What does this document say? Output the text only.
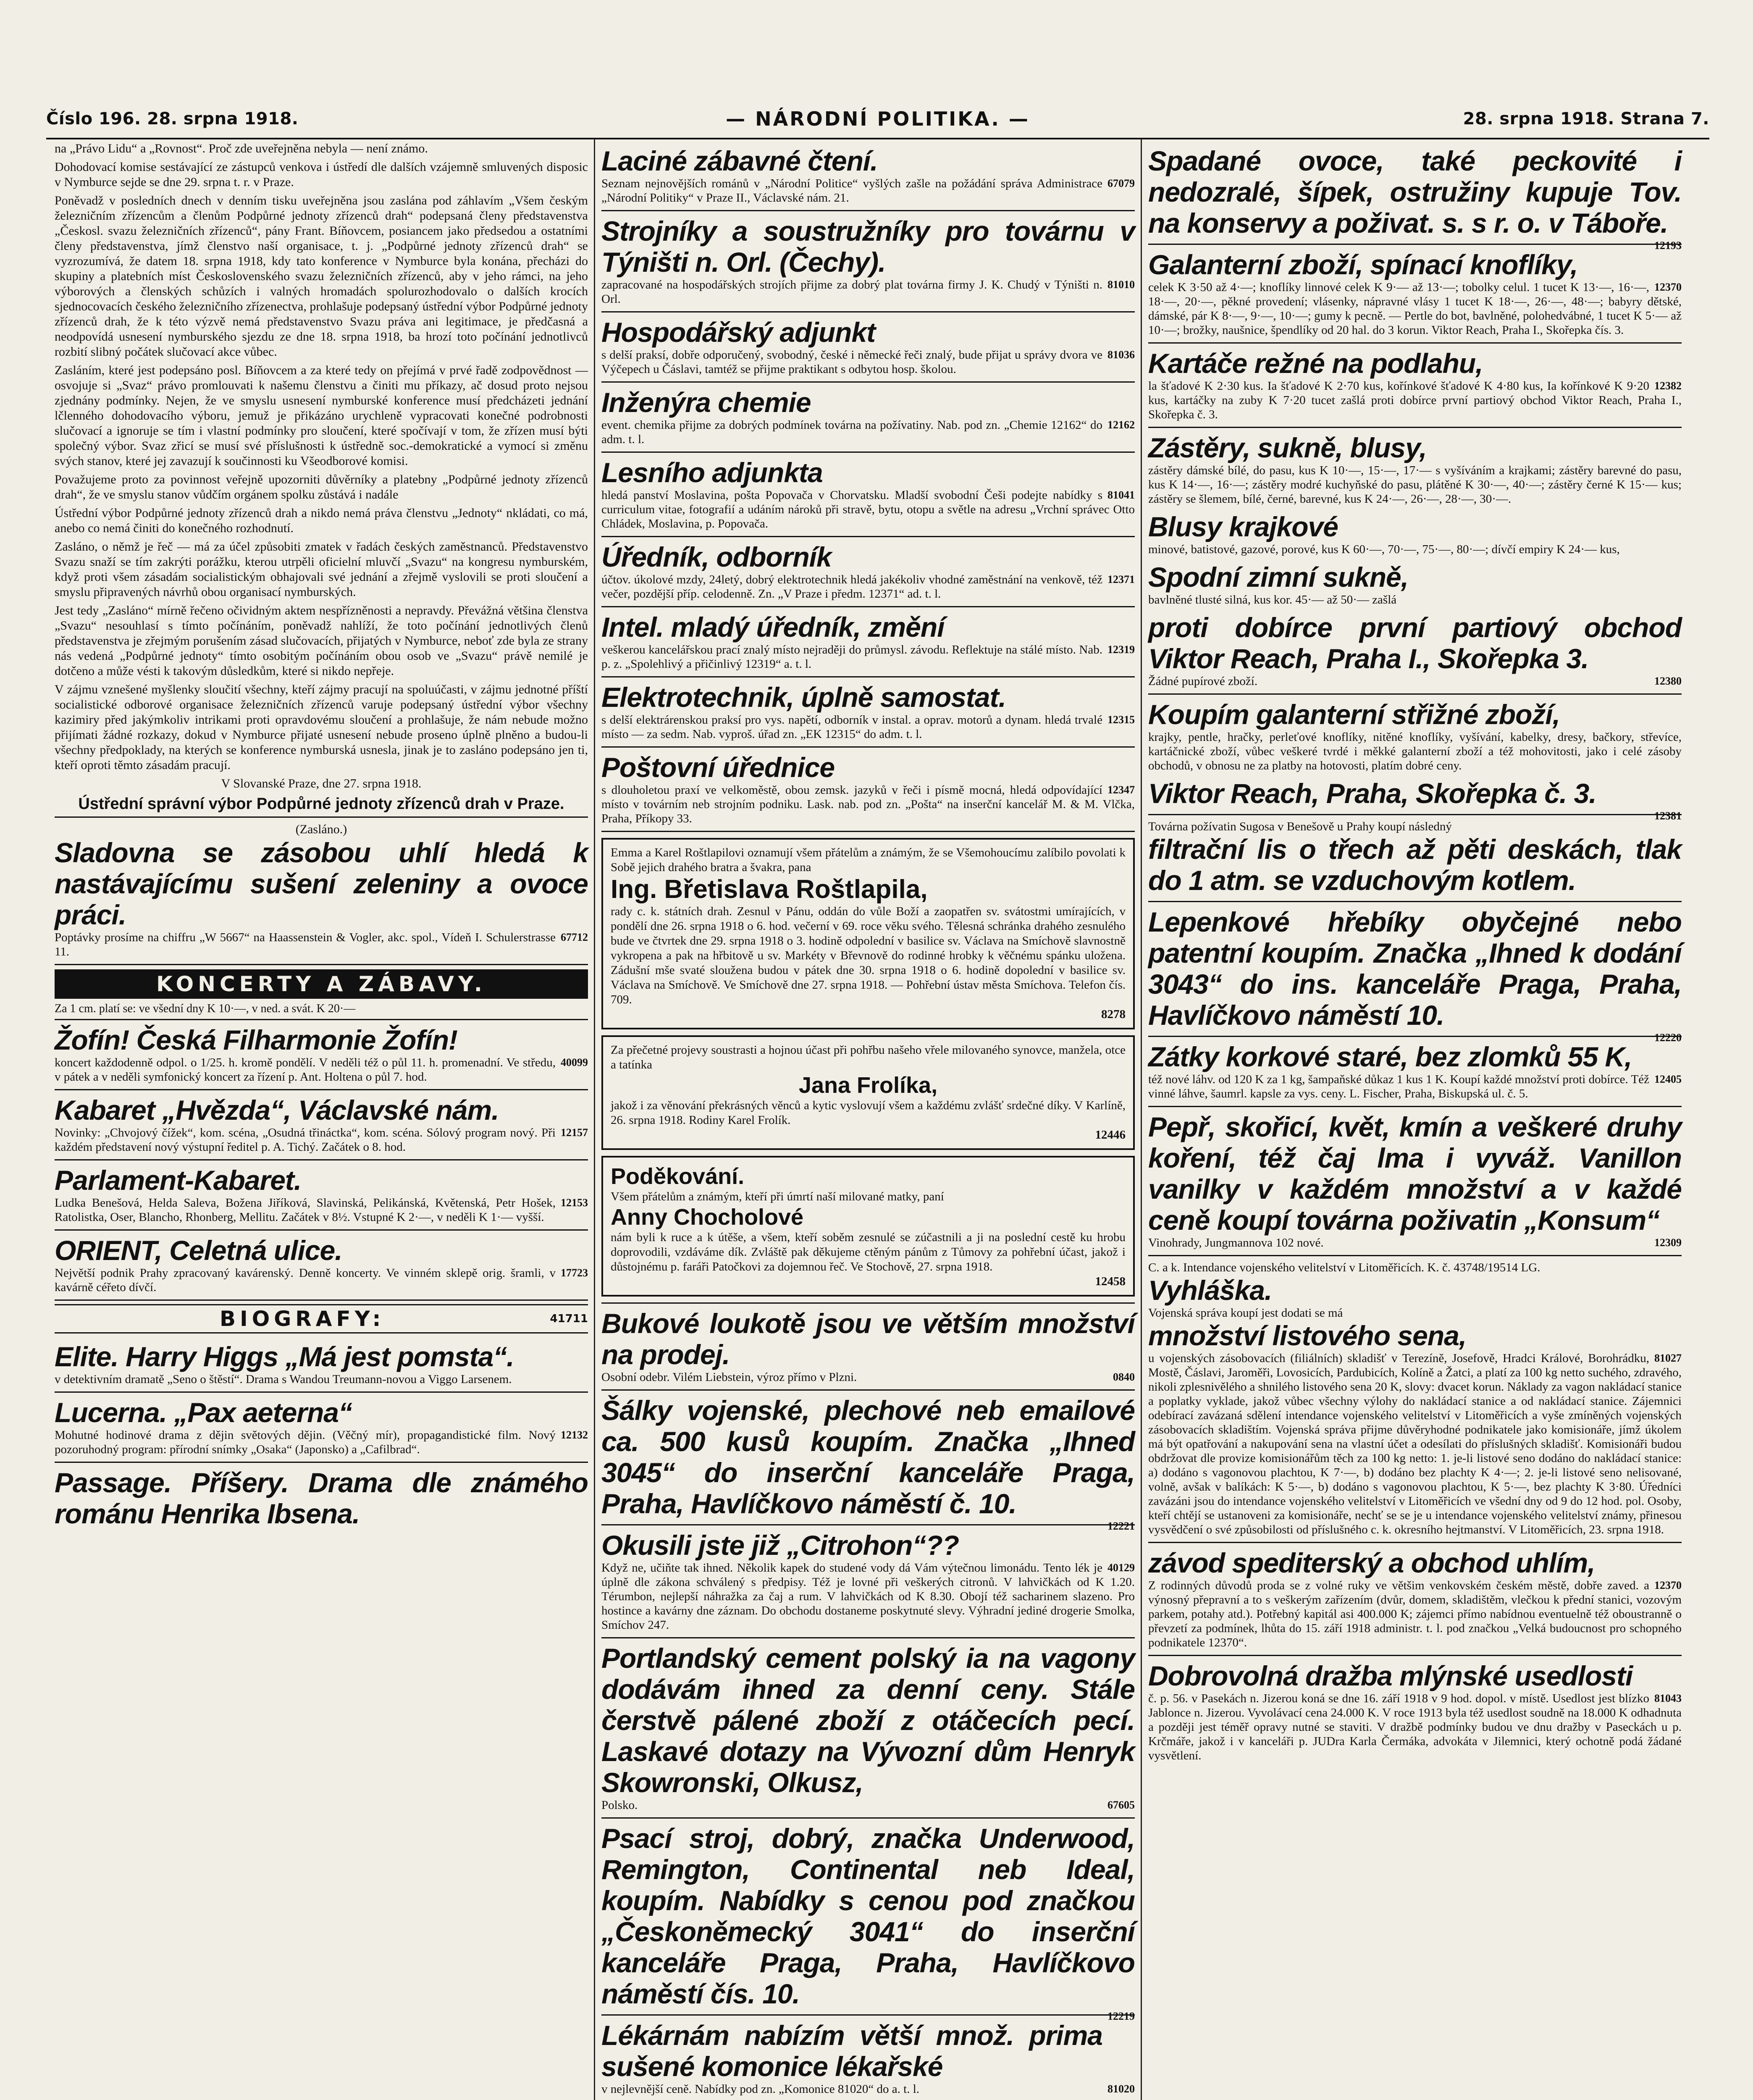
Číslo 196. 28. srpna 1918.	— NÁRODNÍ POLITIKA. —	28. srpna 1918. Strana 7.

na „Právo Lidu“ a „Rovnost“. Proč zde uveřejněna nebyla — není známo.

Dohodovací komise sestávající ze zástupců venkova i ústředí dle dalších vzájemně smluvených disposic v Nymburce sejde se dne 29. srpna t. r. v Praze.

Poněvadž v posledních dnech v denním tisku uveřejněna jsou zaslána pod záhlavím „Všem českým železničním zřízencům a členům Podpůrné jednoty zřízenců drah“ podepsaná členy představenstva „Českosl. svazu železničních zřízenců“, pány Frant. Bíňovcem, posiancem jako předsedou a ostatními členy představenstva, jímž členstvo naší organisace, t. j. „Podpůrné jednoty zřízenců drah“ se vyzrozumívá, že datem 18. srpna 1918, kdy tato konference v Nymburce byla konána, přecházi do skupiny a platebních míst Československého svazu železničních zřízenců, aby v jeho rámci, na jeho výborových a členských schůzích i valných hromadách spolurozhodovalo o dalších krocích sjednocovacích českého železničního zřízenectva, prohlašuje podepsaný ústřední výbor Podpůrné jednoty zřízenců drah, že k této výzvě nemá představenstvo Svazu práva ani legitimace, je předčasná a neodpovídá usnesení nymburského sjezdu ze dne 18. srpna 1918, ba hrozí toto počínání jednotlivců rozbití slibný počátek slučovací akce vůbec.

Zasláním, které jest podepsáno posl. Bíňovcem a za které tedy on přejímá v prvé řadě zodpovědnost — osvojuje si „Svaz“ právo promlouvati k našemu členstvu a činiti mu příkazy, ač dosud proto nejsou zjednány podmínky. Nejen, že ve smyslu usnesení nymburské konference musí předcházeti jednání lčlenného dohodovacího výboru, jemuž je přikázáno urychleně vypracovati konečné podrobnosti slučovací a ignoruje se tím i vlastní podmínky pro sloučení, které spočívají v tom, že zřízen musí býti společný výbor. Svaz zřicí se musí své příslušnosti k ústředně soc.-demokratické a vymocí si změnu svých stanov, které jej zavazují k součinnosti ku Všeodborové komisi.

Považujeme proto za povinnost veřejně upozorniti důvěrníky a platebny „Podpůrné jednoty zřízenců drah“, že ve smyslu stanov vůdčím orgánem spolku zůstává i nadále

Ústřední výbor Podpůrné jednoty zřízenců drah a nikdo nemá práva členstvu „Jednoty“ nkládati, co má, anebo co nemá činiti do konečného rozhodnutí.

Zasláno, o němž je řeč — má za účel způsobiti zmatek v řadách českých zaměstnanců. Představenstvo Svazu snaží se tím zakrýti porážku, kterou utrpěli oficielní mluvčí „Svazu“ na kongresu nymburském, když proti všem zásadám socialistickým obhajovali své jednání a zřejmě vyslovili se proti sloučení a smyslu připravených návrhů obou organisací nymburských.

Jest tedy „Zasláno“ mírně řečeno očividným aktem nespřízněnosti a nepravdy. Převážná většina členstva „Svazu“ nesouhlasí s tímto počínáním, poněvadž nahlíží, že toto počínání jednotlivých členů představenstva je zřejmým porušením zásad slučovacích, přijatých v Nymburce, neboť zde byla ze strany nás vedená „Podpůrné jednoty“ tímto osobitým počínáním obou osob ve „Svazu“ právě nemilé je dotčeno a může vésti k takovým důsledkům, které si nikdo nepřeje.

V zájmu vznešené myšlenky sloučití všechny, kteří zájmy pracují na spoluúčasti, v zájmu jednotné příští socialistické odborové organisace železničních zřízenců varuje podepsaný ústřední výbor všechny kazimiry před jakýmkoliv intrikami proti opravdovému sloučení a prohlašuje, že nám nebude možno přijímati žádné rozkazy, dokud v Nymburce přijaté usnesení nebude proseno úplně plněno a budou-li všechny předpoklady, na kterých se konference nymburská usnesla, jinak je to zasláno podepsáno jen ti, kteří oproti těmto zásadám pracují.

V Slovanské Praze, dne 27. srpna 1918.

Ústřední správní výbor Podpůrné jednoty zřízenců drah v Praze.

(Zasláno.)
Sladovna se zásobou uhlí hledá k nastávajícímu sušení zeleniny a ovoce práci.
67712
Poptávky prosíme na chiffru „W 5667“ na Haassenstein & Vogler, akc. spol., Vídeň I. Schulerstrasse 11.
KONCERTY A ZÁBAVY.
Za 1 cm. platí se: ve všední dny K 10·—, v ned. a svát. K 20·—
Žofín! Česká Filharmonie Žofín!
40099
koncert každodenně odpol. o 1/25. h. kromě pondělí. V neděli též o půl 11. h. promenadní. Ve středu, v pátek a v neděli symfonický koncert za řízení p. Ant. Holtena o půl 7. hod.
Kabaret „Hvězda“, Václavské nám.
12157
Novinky: „Chvojový čížek“, kom. scéna, „Osudná třináctka“, kom. scéna. Sólový program nový. Při každém představení nový výstupní ředitel p. A. Tichý. Začátek o 8. hod.
Parlament-Kabaret.
12153
Ludka Benešová, Helda Saleva, Božena Jiříková, Slavinská, Pelikánská, Květenská, Petr Hošek, Ratolistka, Oser, Blancho, Rhonberg, Mellitu. Začátek v 8½. Vstupné K 2·—, v neděli K 1·— vyšší.
ORIENT, Celetná ulice.
17723
Největší podnik Prahy zpracovaný kavárenský. Denně koncerty. Ve vinném sklepě orig. šramli, v kavárně céřeto dívčí.
BIOGRAFY:	41711
Elite. Harry Higgs „Má jest pomsta“.
v detektivním dramatě „Seno o štěstí“. Drama s Wandou Treumann-novou a Viggo Larsenem.
Lucerna. „Pax aeterna“
12132
Mohutné hodinové drama z dějin světových dějin. (Věčný mír), propagandistické film. Nový pozoruhodný program: přírodní snímky „Osaka“ (Japonsko) a „Cafilbrad“.
Passage. Příšery. Drama dle známého románu Henrika Ibsena.
Laciné zábavné čtení.
67079
Seznam nejnovějších románů v „Národní Politice“ vyšlých zašle na požádání správa Administrace „Národní Politiky“ v Praze II., Václavské nám. 21.
Strojníky a soustružníky pro továrnu v Týništi n. Orl. (Čechy).
81010
zapracované na hospodářských strojích přijme za dobrý plat továrna firmy J. K. Chudý v Týništi n. Orl.
Hospodářský adjunkt
81036
s delší praksí, dobře odporučený, svobodný, české i německé řeči znalý, bude přijat u správy dvora ve Výčepech u Čáslavi, tamtéž se přijme praktikant s odbytou hosp. školou.
Inženýra chemie
12162
event. chemika přijme za dobrých podmínek továrna na požívatiny. Nab. pod zn. „Chemie 12162“ do adm. t. l.
Lesního adjunkta
81041
hledá panství Moslavina, pošta Popovača v Chorvatsku. Mladší svobodní Češi podejte nabídky s curriculum vitae, fotografií a udáním nároků při stravě, bytu, otopu a světle na adresu „Vrchní správec Otto Chládek, Moslavina, p. Popovača.
Úředník, odborník
12371
účtov. úkolové mzdy, 24letý, dobrý elektrotechnik hledá jakékoliv vhodné zaměstnání na venkově, též večer, pozdější příp. celodenně. Zn. „V Praze i předm. 12371“ ad. t. l.
Intel. mladý úředník, změní
12319
veškerou kancelářskou prací znalý místo nejraději do průmysl. závodu. Reflektuje na stálé místo. Nab. p. z. „Spolehlivý a přičinlivý 12319“ a. t. l.
Elektrotechnik, úplně samostat.
12315
s delší elektrárenskou praksí pro vys. napětí, odborník v instal. a oprav. motorů a dynam. hledá trvalé místo — za sedm. Nab. vyproš. úřad zn. „EK 12315“ do adm. t. l.
Poštovní úřednice
12347
s dlouholetou praxí ve velkoměstě, obou zemsk. jazyků v řeči i písmě mocná, hledá odpovídající místo v továrním neb strojním podniku. Lask. nab. pod zn. „Pošta“ na inserční kancelář M. & M. Vlčka, Praha, Příkopy 33.
Emma a Karel Roštlapilovi oznamují všem přátelům a známým, že se Všemohoucímu zalíbilo povolati k Sobě jejich drahého bratra a švakra, pana
Ing. Břetislava Roštlapila,
rady c. k. státních drah. Zesnul v Pánu, oddán do vůle Boží a zaopatřen sv. svátostmi umírajících, v pondělí dne 26. srpna 1918 o 6. hod. večerní v 69. roce věku svého. Tělesná schránka drahého zesnulého bude ve čtvrtek dne 29. srpna 1918 o 3. hodině odpolední v basilice sv. Václava na Smíchově slavnostně vykropena a pak na hřbitově u sv. Markéty v Břevnově do rodinné hrobky k věčnému spánku uložena. Zádušní mše svaté sloužena budou v pátek dne 30. srpna 1918 o 6. hodině dopolední v basilice sv. Václava na Smíchově. Ve Smíchově dne 27. srpna 1918. — Pohřební ústav města Smíchova. Telefon čís. 709.
8278
Za přečetné projevy soustrasti a hojnou účast při pohřbu našeho vřele milovaného synovce, manžela, otce a tatínka
Jana Frolíka,
jakož i za věnování překrásných věnců a kytic vyslovují všem a každému zvlášť srdečné díky. V Karlíně, 26. srpna 1918. Rodiny Karel Frolík.
12446
Poděkování.
Všem přátelům a známým, kteří při úmrtí naší milované matky, paní
Anny Chocholové
nám byli k ruce a k útěše, a všem, kteří soběm zesnulé se zúčastnili a ji na poslední cestě ku hrobu doprovodili, vzdáváme dík. Zvláště pak děkujeme ctěným pánům z Tůmovy za pohřební účast, jakož i důstojnému p. faráři Patočkovi za dojemnou řeč. Ve Stochově, 27. srpna 1918.
12458
Bukové loukotě jsou ve větším množství na prodej.
0840
Osobní odebr. Vilém Liebstein, výroz přímo v Plzni.
Šálky vojenské, plechové neb emailové ca. 500 kusů koupím. Značka „Ihned 3045“ do inserční kanceláře Praga, Praha, Havlíčkovo náměstí č. 10.
12221
Okusili jste již „Citrohon“??
40129
Když ne, učiňte tak ihned. Několik kapek do studené vody dá Vám výtečnou limonádu. Tento lék je úplně dle zákona schválený s předpisy. Též je lovné při veškerých citronů. V lahvičkách od K 1.20. Térumbon, nejlepší náhražka za čaj a rum. V lahvičkách od K 8.30. Obojí též sacharinem slazeno. Pro hostince a kavárny dne záznam. Do obchodu dostaneme poskytnuté slevy. Výhradní jediné drogerie Smolka, Smíchov 247.
Portlandský cement polský ia na vagony dodávám ihned za denní ceny. Stále čerstvě pálené zboží z otáčecích pecí. Laskavé dotazy na Vývozní dům Henryk Skowronski, Olkusz,
67605
Polsko.
Psací stroj, dobrý, značka Underwood, Remington, Continental neb Ideal, koupím. Nabídky s cenou pod značkou „Českoněmecký 3041“ do inserční kanceláře Praga, Praha, Havlíčkovo náměstí čís. 10.
12219
Lékárnám nabízím větší množ. prima sušené komonice lékařské
81020
v nejlevnější ceně. Nabídky pod zn. „Komonice 81020“ do a. t. l.
Spadané ovoce, také peckovité i nedozralé, šípek, ostružiny kupuje Tov. na konservy a poživat. s. s r. o. v Táboře.
12193
Galanterní zboží, spínací knoflíky,
12370
celek K 3·50 až 4·—; knoflíky linnové celek K 9·— až 13·—; tobolky celul. 1 tucet K 13·—, 16·—, 18·—, 20·—, pěkné provedení; vlásenky, nápravné vlásy 1 tucet K 18·—, 26·—, 48·—; babyry dětské, dámské, pár K 8·—, 9·—, 10·—; gumy k pecně. — Pertle do bot, bavlněné, polohedvábné, 1 tucet K 5·— až 10·—; brožky, naušnice, špendlíky od 20 hal. do 3 korun. Viktor Reach, Praha I., Skořepka čís. 3.
Kartáče režné na podlahu,
12382
la šťadové K 2·30 kus. Ia šťadové K 2·70 kus, kořínkové šťadové K 4·80 kus, Ia kořínkové K 9·20 kus, kartáčky na zuby K 7·20 tucet zašlá proti dobírce první partiový obchod Viktor Reach, Praha I., Skořepka č. 3.
Zástěry, sukně, blusy,
zástěry dámské bílé, do pasu, kus K 10·—, 15·—, 17·— s vyšíváním a krajkami; zástěry barevné do pasu, kus K 14·—, 16·—; zástěry modré kuchyňské do pasu, plátěné K 30·—, 40·—; zástěry černé K 15·— kus; zástěry se šlemem, bílé, černé, barevné, kus K 24·—, 26·—, 28·—, 30·—.
Blusy krajkové
minové, batistové, gazové, porové, kus K 60·—, 70·—, 75·—, 80·—; dívčí empiry K 24·— kus,
Spodní zimní sukně,
bavlněné tlusté silná, kus kor. 45·— až 50·— zašlá
proti dobírce první partiový obchod Viktor Reach, Praha I., Skořepka 3.
12380
Žádné pupírové zboží.
Koupím galanterní střižné zboží,
krajky, pentle, hračky, perleťové knoflíky, nitěné knoflíky, vyšívání, kabelky, dresy, bačkory, střevíce, kartáčnické zboží, vůbec veškeré tvrdé i měkké galanterní zboží a též mohovitosti, jako i celé zásoby obchodů, v obnosu ne za platby na hotovosti, platím dobré ceny.
Viktor Reach, Praha, Skořepka č. 3.
12381
Továrna požívatin Sugosa v Benešově u Prahy koupí následný
filtrační lis o třech až pěti deskách, tlak do 1 atm. se vzduchovým kotlem.
Lepenkové hřebíky obyčejné nebo patentní koupím. Značka „Ihned k dodání 3043“ do ins. kanceláře Praga, Praha, Havlíčkovo náměstí 10.
12220
Zátky korkové staré, bez zlomků 55 K,
12405
též nové láhv. od 120 K za 1 kg, šampaňské důkaz 1 kus 1 K. Koupí každé množství proti dobírce. Též vinné láhve, šaumrl. kapsle za vys. ceny. L. Fischer, Praha, Biskupská ul. č. 5.
Pepř, skořicí, květ, kmín a veškeré druhy koření, též čaj lma i vyváž. Vanillon vanilky v každém množství a v každé ceně koupí továrna poživatin „Konsum“
12309
Vinohrady, Jungmannova 102 nové.
C. a k. Intendance vojenského velitelství v Litoměřicích. K. č. 43748/19514 LG.
Vyhláška.
Vojenská správa koupí jest dodati se má
množství listového sena,
81027
u vojenských zásobovacích (filiálních) skladišť v Terezíně, Josefově, Hradci Králové, Borohrádku, Mostě, Čáslavi, Jaroměři, Lovosicích, Pardubicích, Kolíně a Žatci, a platí za 100 kg netto suchého, zdravého, nikoli zplesnivělého a shnilého listového sena 20 K, slovy: dvacet korun. Náklady za vagon nakládací stanice a poplatky vyklade, jakož vůbec všechny výlohy do nakládací stanice a od nakládací stanice. Zájemnici odebírací zavázaná sdělení intendance vojenského velitelství v Litoměřicích a vyše zmíněných vojenských zásobovacích skladištím. Vojenská správa přijme důvěryhodné podnikatele jako komisionáře, jímž úkolem má být opatřování a nakupování sena na vlastní účet a odesílati do příslušných skladišť. Komisionáři budou obdržovat dle provize komisionářům těch za 100 kg netto: 1. je-li listové seno dodáno do nakládací stanice: a) dodáno s vagonovou plachtou, K 7·—, b) dodáno bez plachty K 4·—; 2. je-li listové seno nelisované, volně, avšak v balíkách: K 5·—, b) dodáno s vagonovou plachtou, K 5·—, bez plachty K 3·80. Úředníci zavázáni jsou do intendance vojenského velitelství v Litoměřicích ve všední dny od 9 do 12 hod. pol. Osoby, kteří chtějí se ustanoveni za komisionáře, nechť se se je u intendance vojenského velitelství známy, přinesou vysvědčení o své způsobilosti od příslušného c. k. okresního hejtmanství. V Litoměřicích, 23. srpna 1918.
závod spediterský a obchod uhlím,
12370
Z rodinných důvodů proda se z volné ruky ve většim venkovském českém městě, dobře zaved. a výnosný přepravní a to s veškerým zařízením (dvůr, domem, skladištěm, vlečkou k přední stanici, vozovým parkem, potahy atd.). Potřebný kapitál asi 400.000 K; zájemci přímo nabídnou eventuelně též oboustranně o převzetí za podmínek, lhůta do 15. září 1918 administr. t. l. pod značkou „Velká budoucnost pro schopného podnikatele 12370“.
Dobrovolná dražba mlýnské usedlosti
81043
č. p. 56. v Pasekách n. Jizerou koná se dne 16. září 1918 v 9 hod. dopol. v místě. Usedlost jest blízko Jablonce n. Jizerou. Vyvolávací cena 24.000 K. V roce 1913 byla též usedlost soudně na 18.000 K odhadnuta a později jest téměř opravy nutné se staviti. V dražbě podmínky budou ve dnu dražby v Paseckách u p. Krčmáře, jakož i v kanceláři p. JUDra Karla Čermáka, advokáta v Jilemnici, který ochotně podá žádané vysvětlení.
